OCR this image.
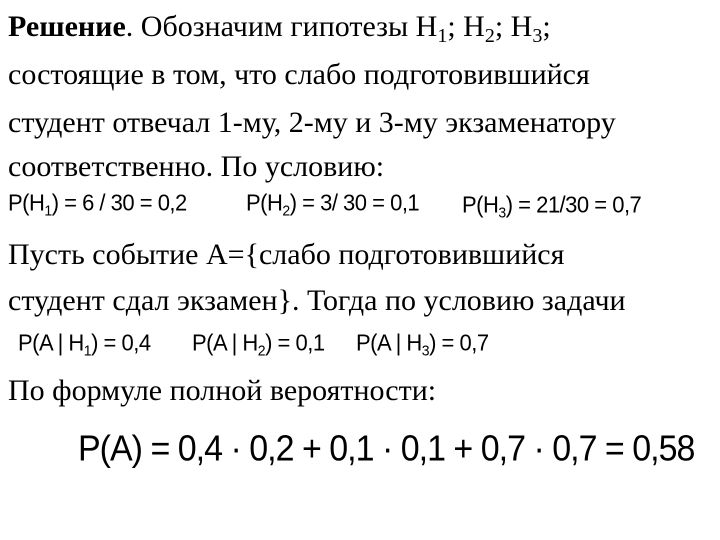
Решение. Обозначим гипотезы $Н_1$; $Н_2$; $Н_3$;
состоящие в том, что слабо подготовившийся
студент отвечал 1-му, 2-му и 3-му экзаменатору
соответственно. По условию:
$P(H_1) = 6 / 30 = 0,2$	$P(H_2) = 3/$ 30 = 0,1 $P(H_3) = 21/30 = 0,7$
Пусть событие А={слабо подготовившийся
студент сдал экзамен}. Тогда по условию задачи
P(A | $H_1) = 0,4$ P(A | $H_2) = 0,1$ P(A | $H_3) = 0,7$
По формуле полной вероятности:
P(A) = 0,4 · 0,2 + 0,1 · 0,1 + 0,7 · 0,7 = 0,58
